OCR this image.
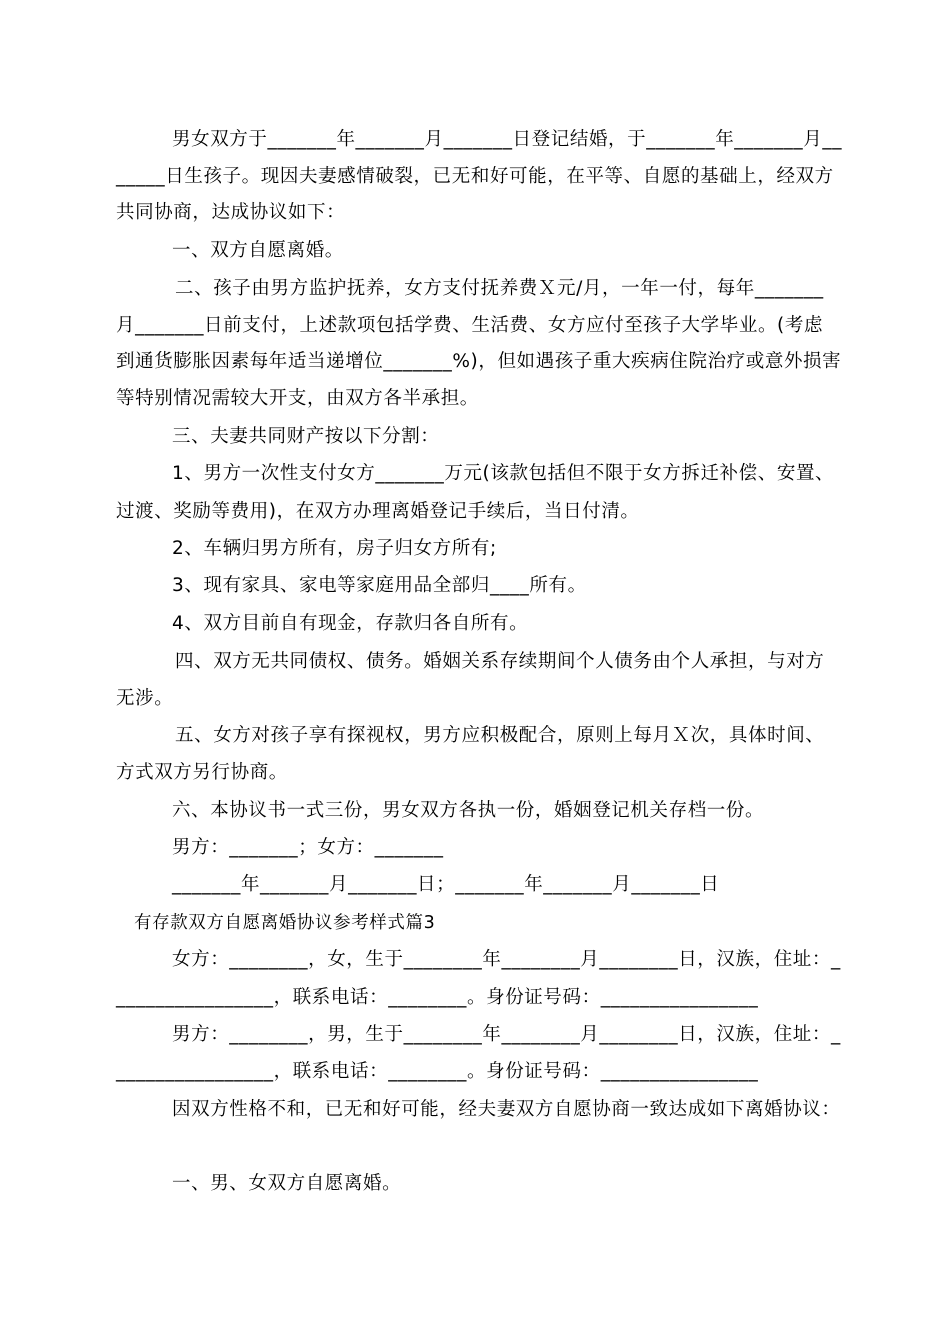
男女双方于_______年_______月_______日登记结婚，于_______年_______月__
_____日生孩子。现因夫妻感情破裂，已无和好可能，在平等、自愿的基础上，经双方
共同协商，达成协议如下：
一、双方自愿离婚。
二、孩子由男方监护抚养，女方支付抚养费Ｘ元/月，一年一付，每年_______
月_______日前支付，上述款项包括学费、生活费、女方应付至孩子大学毕业。(考虑
到通货膨胀因素每年适当递增位_______%)，但如遇孩子重大疾病住院治疗或意外损害
等特别情况需较大开支，由双方各半承担。
三、夫妻共同财产按以下分割：
1、男方一次性支付女方_______万元(该款包括但不限于女方拆迁补偿、安置、
过渡、奖励等费用)，在双方办理离婚登记手续后，当日付清。
2、车辆归男方所有，房子归女方所有;
3、现有家具、家电等家庭用品全部归____所有。
4、双方目前自有现金，存款归各自所有。
四、双方无共同债权、债务。婚姻关系存续期间个人债务由个人承担，与对方
无涉。
五、女方对孩子享有探视权，男方应积极配合，原则上每月Ｘ次，具体时间、
方式双方另行协商。
六、本协议书一式三份，男女双方各执一份，婚姻登记机关存档一份。
男方：_______；女方：_______
_______年_______月_______日；_______年_______月_______日
有存款双方自愿离婚协议参考样式篇3
女方：________，女，生于________年________月________日，汉族，住址：_
________________，联系电话：________。身份证号码：________________
男方：________，男，生于________年________月________日，汉族，住址：_
________________，联系电话：________。身份证号码：________________
因双方性格不和，已无和好可能，经夫妻双方自愿协商一致达成如下离婚协议：
一、男、女双方自愿离婚。
